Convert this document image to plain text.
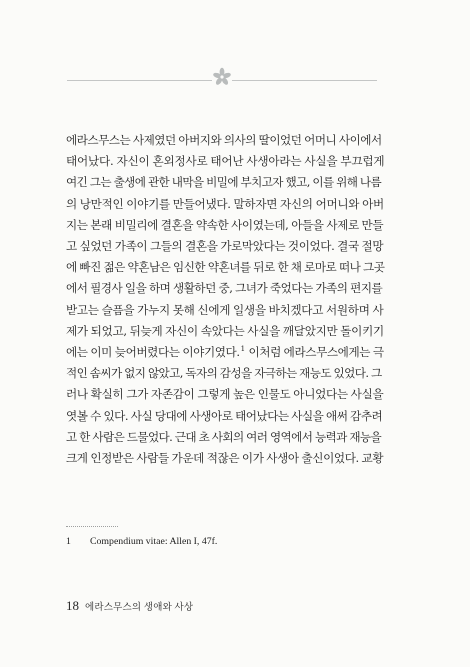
에라스무스는 사제였던 아버지와 의사의 딸이었던 어머니 사이에서
태어났다. 자신이 혼외정사로 태어난 사생아라는 사실을 부끄럽게
여긴 그는 출생에 관한 내막을 비밀에 부치고자 했고, 이를 위해 나름
의 낭만적인 이야기를 만들어냈다. 말하자면 자신의 어머니와 아버
지는 본래 비밀리에 결혼을 약속한 사이였는데, 아들을 사제로 만들
고 싶었던 가족이 그들의 결혼을 가로막았다는 것이었다. 결국 절망
에 빠진 젊은 약혼남은 임신한 약혼녀를 뒤로 한 채 로마로 떠나 그곳
에서 필경사 일을 하며 생활하던 중, 그녀가 죽었다는 가족의 편지를
받고는 슬픔을 가누지 못해 신에게 일생을 바치겠다고 서원하며 사
제가 되었고, 뒤늦게 자신이 속았다는 사실을 깨달았지만 돌이키기
에는 이미 늦어버렸다는 이야기였다.$^1$ 이처럼 에라스무스에게는 극
적인 솜씨가 없지 않았고, 독자의 감성을 자극하는 재능도 있었다. 그
러나 확실히 그가 자존감이 그렇게 높은 인물도 아니었다는 사실을
엿볼 수 있다. 사실 당대에 사생아로 태어났다는 사실을 애써 감추려
고 한 사람은 드물었다. 근대 초 사회의 여러 영역에서 능력과 재능을
크게 인정받은 사람들 가운데 적잖은 이가 사생아 출신이었다. 교황
1 Compendium vitae: Allen I, 47f.
18 에라스무스의 생애와 사상
